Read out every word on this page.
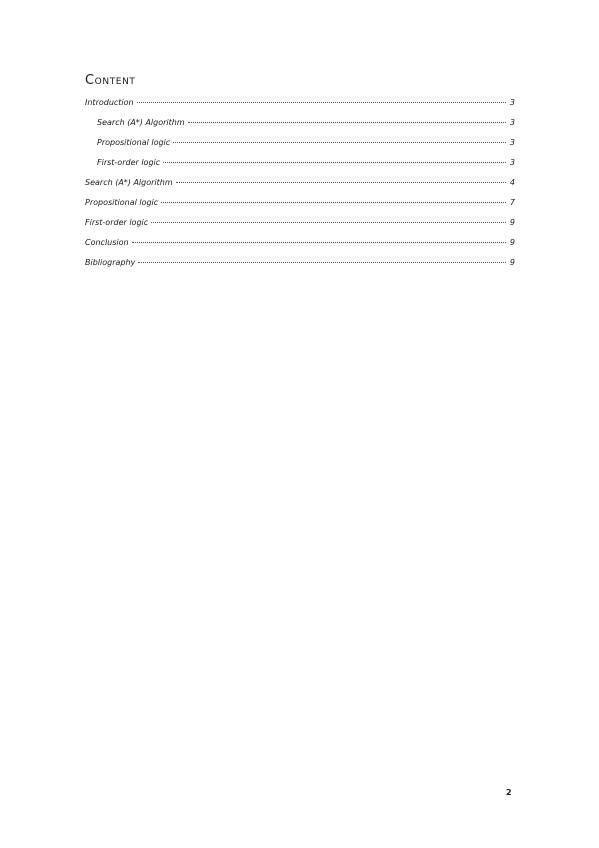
Content
Introduction	3
Search (A*) Algorithm	3
Propositional logic	3
First-order logic	3
Search (A*) Algorithm	4
Propositional logic	7
First-order logic	9
Conclusion	9
Bibliography	9
2
